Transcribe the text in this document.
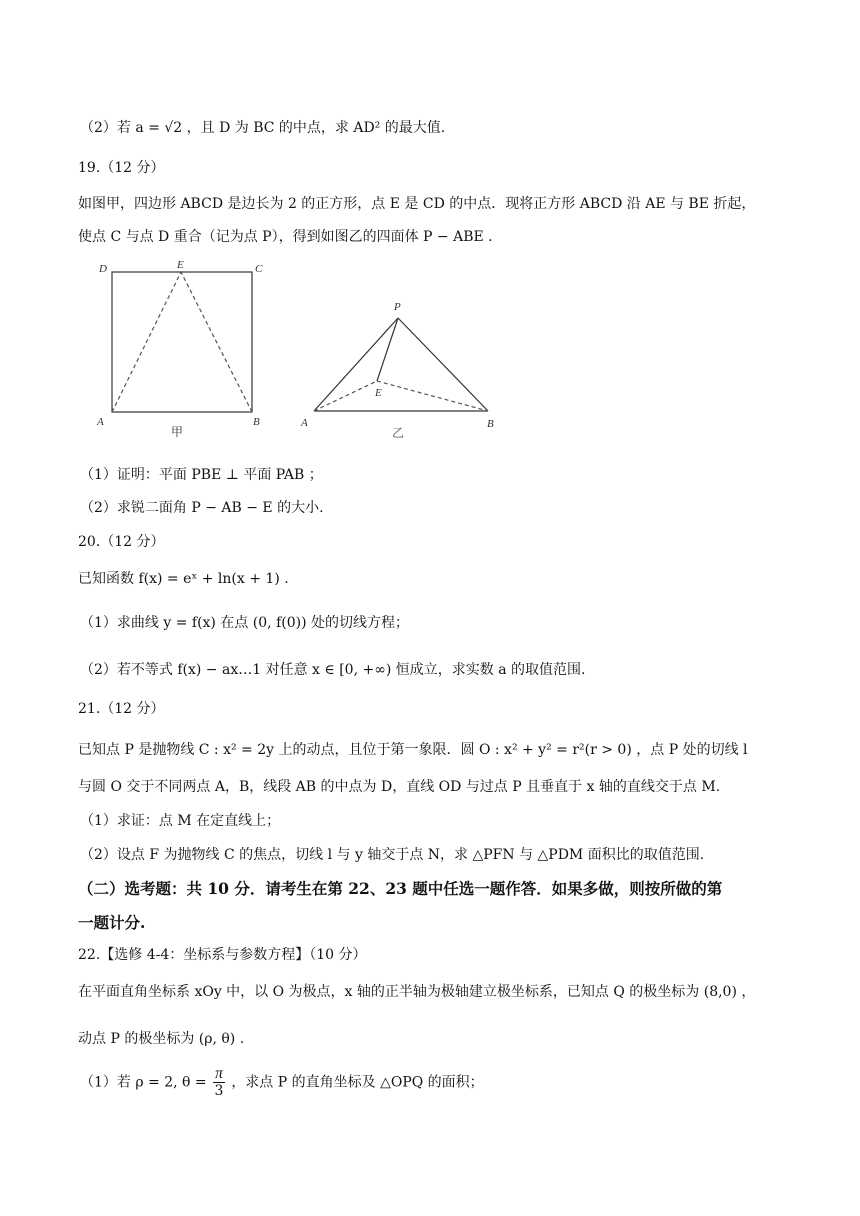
（2）若 a = √2 ，且 D 为 BC 的中点，求 AD² 的最大值.
19.（12 分）
如图甲，四边形 ABCD 是边长为 2 的正方形，点 E 是 CD 的中点．现将正方形 ABCD 沿 AE 与 BE 折起，
使点 C 与点 D 重合（记为点 P），得到如图乙的四面体 P − ABE .
D	E	C
A	B
甲
P
E
A	B
乙
（1）证明：平面 PBE ⊥ 平面 PAB ；
（2）求锐二面角 P − AB − E 的大小.
20.（12 分）
已知函数 f(x) = eˣ + ln(x + 1) .
（1）求曲线 y = f(x) 在点 (0, f(0)) 处的切线方程；
（2）若不等式 f(x) − ax…1 对任意 x ∈ [0, +∞) 恒成立，求实数 a 的取值范围.
21.（12 分）
已知点 P 是抛物线 C : x² = 2y 上的动点，且位于第一象限．圆 O : x² + y² = r²(r > 0) ，点 P 处的切线 l
与圆 O 交于不同两点 A，B，线段 AB 的中点为 D，直线 OD 与过点 P 且垂直于 x 轴的直线交于点 M.
（1）求证：点 M 在定直线上；
（2）设点 F 为抛物线 C 的焦点，切线 l 与 y 轴交于点 N，求 △PFN 与 △PDM 面积比的取值范围.
（二）选考题：共 10 分．请考生在第 22、23 题中任选一题作答．如果多做，则按所做的第
一题计分.
22.【选修 4-4：坐标系与参数方程】（10 分）
在平面直角坐标系 xOy 中，以 O 为极点，x 轴的正半轴为极轴建立极坐标系，已知点 Q 的极坐标为 (8,0) ，
动点 P 的极坐标为 (ρ, θ) .
（1）若 ρ = 2, $\theta = \frac{\pi}{3}$ ，求点 P 的直角坐标及 △OPQ 的面积；
